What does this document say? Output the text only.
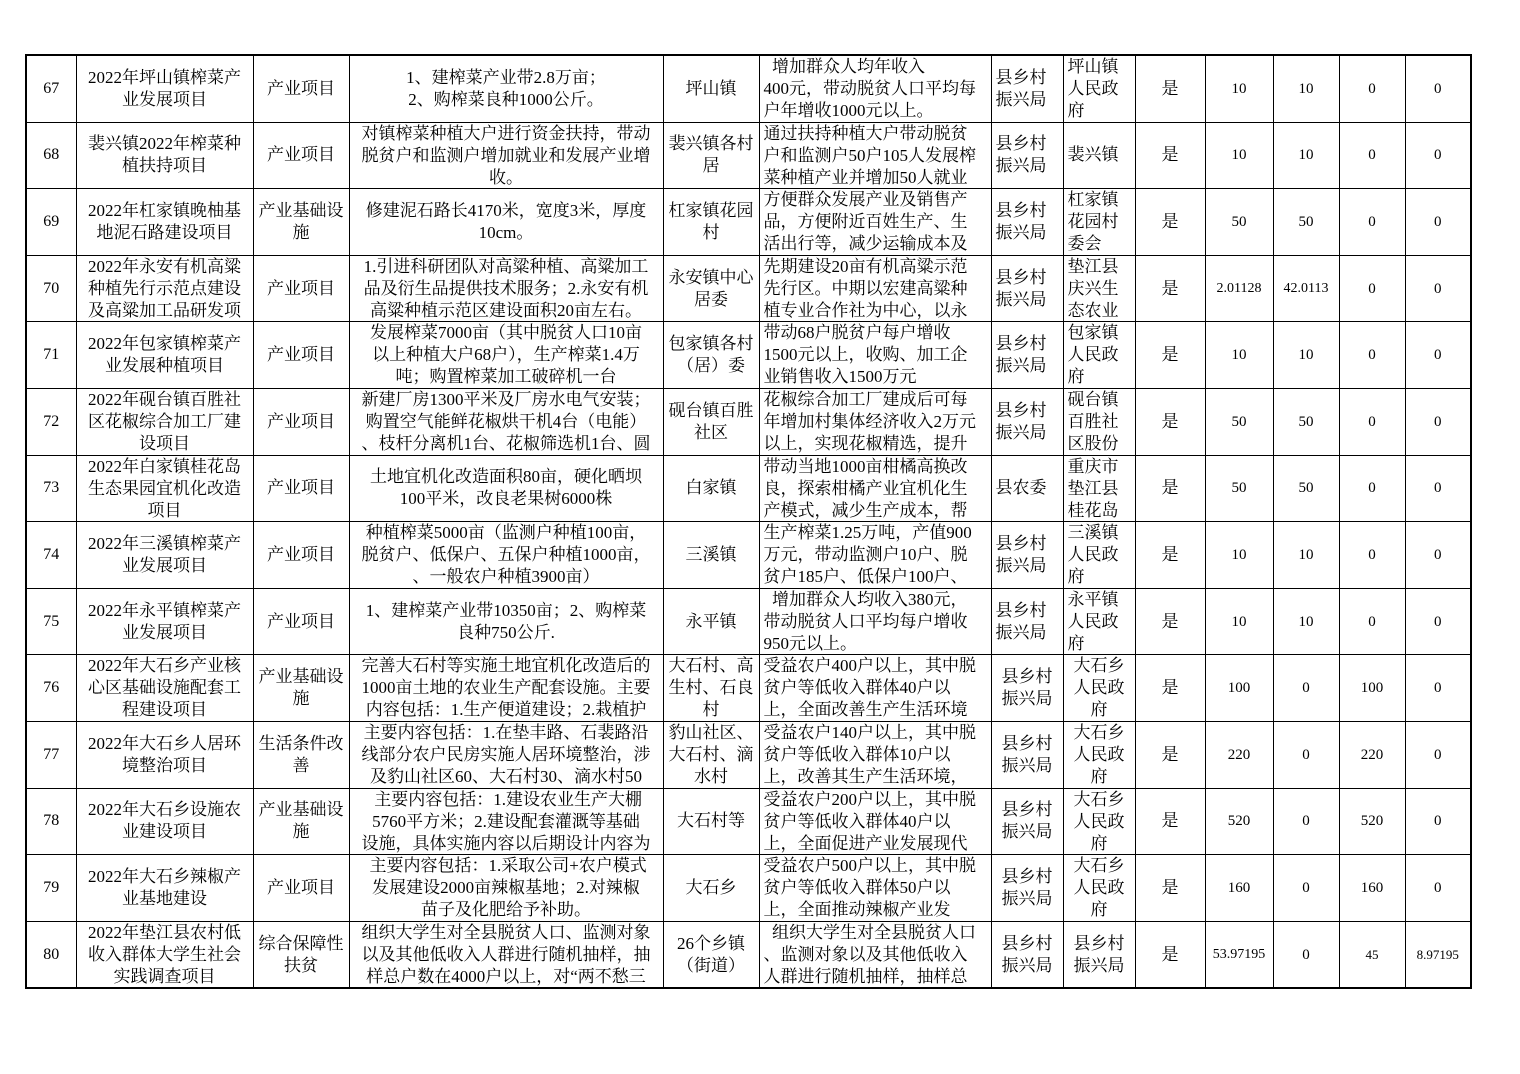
67	2022年坪山镇榨菜产
业发展项目	产业项目	1、建榨菜产业带2.8万亩；
2、购榨菜良种1000公斤。	坪山镇	增加群众人均年收入
400元，带动脱贫人口平均每
户年增收1000元以上。	县乡村
振兴局	坪山镇
人民政
府	是	10	10	0	0

68	裴兴镇2022年榨菜种
植扶持项目	产业项目	对镇榨菜种植大户进行资金扶持，带动
脱贫户和监测户增加就业和发展产业增
收。	裴兴镇各村
居	通过扶持种植大户带动脱贫
户和监测户50户105人发展榨
菜种植产业并增加50人就业	县乡村
振兴局	裴兴镇	是	10	10	0	0

69	2022年杠家镇晚柚基
地泥石路建设项目	产业基础设
施	修建泥石路长4170米，宽度3米，厚度
10cm。	杠家镇花园
村	方便群众发展产业及销售产
品，方便附近百姓生产、生
活出行等，减少运输成本及	县乡村
振兴局	杠家镇
花园村
委会	是	50	50	0	0

70	2022年永安有机高粱
种植先行示范点建设
及高粱加工品研发项	产业项目	1.引进科研团队对高粱种植、高粱加工
品及衍生品提供技术服务；2.永安有机
高粱种植示范区建设面积20亩左右。	永安镇中心
居委	先期建设20亩有机高粱示范
先行区。中期以宏建高粱种
植专业合作社为中心，以永	县乡村
振兴局	垫江县
庆兴生
态农业	是	2.01128	42.0113	0	0

71	2022年包家镇榨菜产
业发展种植项目	产业项目	发展榨菜7000亩（其中脱贫人口10亩
以上种植大户68户），生产榨菜1.4万
吨；购置榨菜加工破碎机一台	包家镇各村
（居）委	带动68户脱贫户每户增收
1500元以上，收购、加工企
业销售收入1500万元	县乡村
振兴局	包家镇
人民政
府	是	10	10	0	0

72	2022年砚台镇百胜社
区花椒综合加工厂建
设项目	产业项目	新建厂房1300平米及厂房水电气安装；
购置空气能鲜花椒烘干机4台（电能）
、枝杆分离机1台、花椒筛选机1台、圆	砚台镇百胜
社区	花椒综合加工厂建成后可每
年增加村集体经济收入2万元
以上，实现花椒精选，提升	县乡村
振兴局	砚台镇
百胜社
区股份	是	50	50	0	0

73	2022年白家镇桂花岛
生态果园宜机化改造
项目	产业项目	土地宜机化改造面积80亩，硬化晒坝
100平米，改良老果树6000株	白家镇	带动当地1000亩柑橘高换改
良，探索柑橘产业宜机化生
产模式，减少生产成本，帮	县农委	重庆市
垫江县
桂花岛	是	50	50	0	0

74	2022年三溪镇榨菜产
业发展项目	产业项目	种植榨菜5000亩（监测户种植100亩，
脱贫户、低保户、五保户种植1000亩，
、一般农户种植3900亩）	三溪镇	生产榨菜1.25万吨，产值900
万元，带动监测户10户、脱
贫户185户、低保户100户、	县乡村
振兴局	三溪镇
人民政
府	是	10	10	0	0

75	2022年永平镇榨菜产
业发展项目	产业项目	1、建榨菜产业带10350亩；2、购榨菜
良种750公斤.	永平镇	增加群众人均收入380元，
带动脱贫人口平均每户增收
950元以上。	县乡村
振兴局	永平镇
人民政
府	是	10	10	0	0

76	2022年大石乡产业核
心区基础设施配套工
程建设项目	产业基础设
施	完善大石村等实施土地宜机化改造后的
1000亩土地的农业生产配套设施。主要
内容包括：1.生产便道建设；2.栽植护	大石村、高
生村、石良
村	受益农户400户以上，其中脱
贫户等低收入群体40户以
上，全面改善生产生活环境	县乡村
振兴局	大石乡
人民政
府	是	100	0	100	0

77	2022年大石乡人居环
境整治项目	生活条件改
善	主要内容包括：1.在垫丰路、石裴路沿
线部分农户民房实施人居环境整治，涉
及豹山社区60、大石村30、滴水村50	豹山社区、
大石村、滴
水村	受益农户140户以上，其中脱
贫户等低收入群体10户以
上，改善其生产生活环境，	县乡村
振兴局	大石乡
人民政
府	是	220	0	220	0

78	2022年大石乡设施农
业建设项目	产业基础设
施	主要内容包括：1.建设农业生产大棚
5760平方米；2.建设配套灌溉等基础
设施，具体实施内容以后期设计内容为	大石村等	受益农户200户以上，其中脱
贫户等低收入群体40户以
上，全面促进产业发展现代	县乡村
振兴局	大石乡
人民政
府	是	520	0	520	0

79	2022年大石乡辣椒产
业基地建设	产业项目	主要内容包括：1.采取公司+农户模式
发展建设2000亩辣椒基地；2.对辣椒
苗子及化肥给予补助。	大石乡	受益农户500户以上，其中脱
贫户等低收入群体50户以
上，全面推动辣椒产业发	县乡村
振兴局	大石乡
人民政
府	是	160	0	160	0

80	2022年垫江县农村低
收入群体大学生社会
实践调查项目	综合保障性
扶贫	组织大学生对全县脱贫人口、监测对象
以及其他低收入人群进行随机抽样，抽
样总户数在4000户以上，对“两不愁三	26个乡镇
（街道）	组织大学生对全县脱贫人口
、监测对象以及其他低收入
人群进行随机抽样，抽样总	县乡村
振兴局	县乡村
振兴局	是	53.97195	0	45	8.97195
